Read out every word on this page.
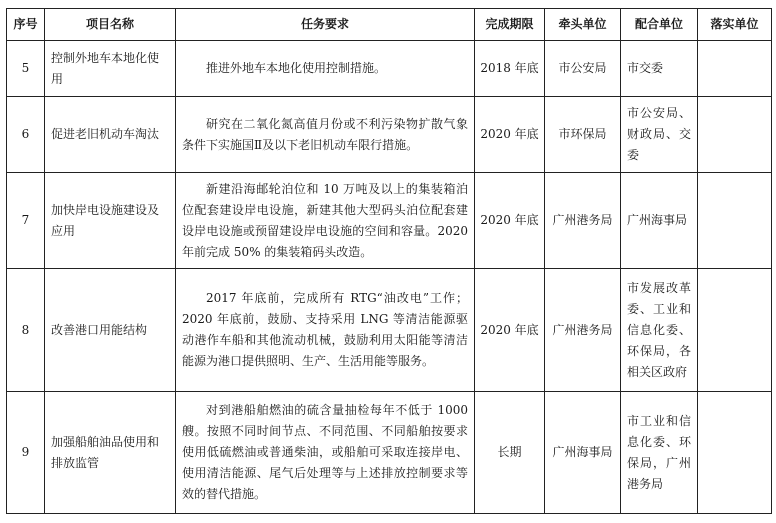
序号	项目名称	任务要求	完成期限	牵头单位	配合单位	落实单位
5	控制外地车本地化使用	推进外地车本地化使用控制措施。	2018 年底	市公安局	市交委	
6	促进老旧机动车淘汰	研究在二氧化氮高值月份或不利污染物扩散气象条件下实施国Ⅱ及以下老旧机动车限行措施。	2020 年底	市环保局	市公安局、财政局、交委	
7	加快岸电设施建设及应用	新建沿海邮轮泊位和 10 万吨及以上的集装箱泊位配套建设岸电设施，新建其他大型码头泊位配套建设岸电设施或预留建设岸电设施的空间和容量。2020 年前完成 50% 的集装箱码头改造。	2020 年底	广州港务局	广州海事局	
8	改善港口用能结构	2017 年底前，完成所有 RTG“油改电”工作；2020 年底前，鼓励、支持采用 LNG 等清洁能源驱动港作车船和其他流动机械，鼓励利用太阳能等清洁能源为港口提供照明、生产、生活用能等服务。	2020 年底	广州港务局	市发展改革委、工业和信息化委、环保局，各相关区政府	
9	加强船舶油品使用和排放监管	对到港船舶燃油的硫含量抽检每年不低于 1000 艘。按照不同时间节点、不同范围、不同船舶按要求使用低硫燃油或普通柴油，或船舶可采取连接岸电、使用清洁能源、尾气后处理等与上述排放控制要求等效的替代措施。	长期	广州海事局	市工业和信息化委、环保局，广州港务局	
